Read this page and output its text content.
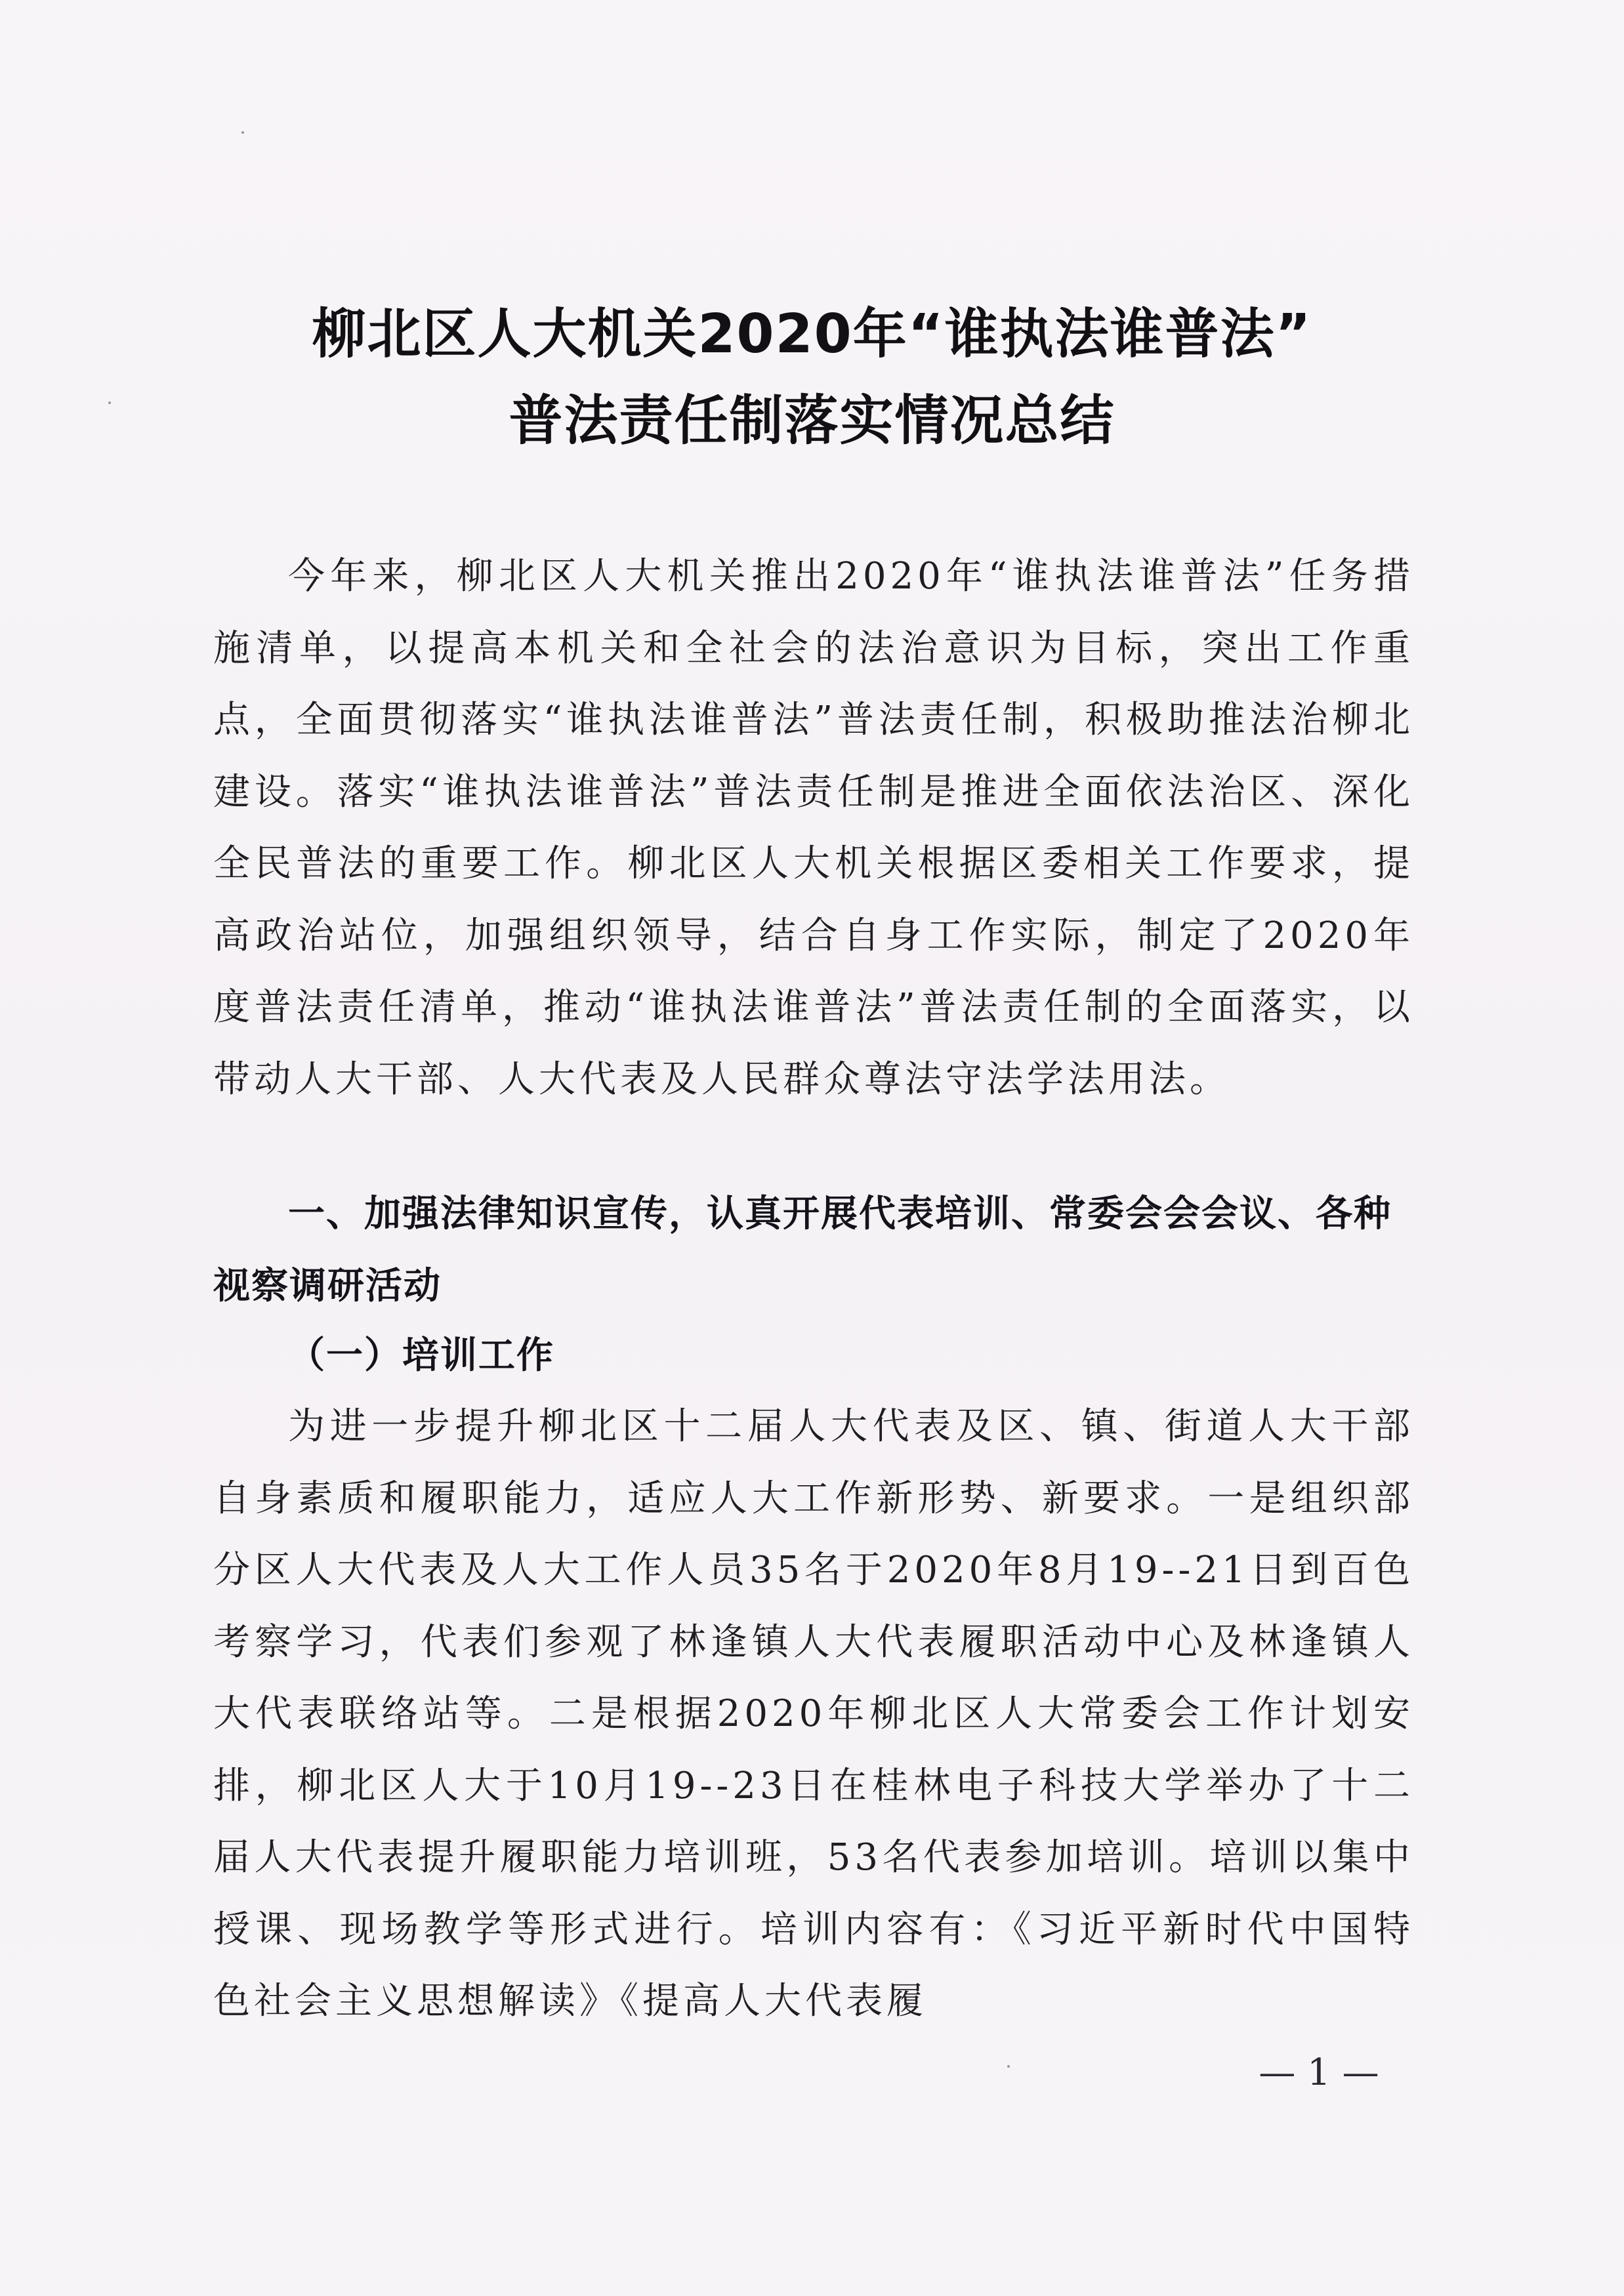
柳北区人大机关2020年“谁执法谁普法”
普法责任制落实情况总结

今年来，柳北区人大机关推出2020年“谁执法谁普法”任务措施清单，以提高本机关和全社会的法治意识为目标，突出工作重点，全面贯彻落实“谁执法谁普法”普法责任制，积极助推法治柳北建设。落实“谁执法谁普法”普法责任制是推进全面依法治区、深化全民普法的重要工作。柳北区人大机关根据区委相关工作要求，提高政治站位，加强组织领导，结合自身工作实际，制定了2020年度普法责任清单，推动“谁执法谁普法”普法责任制的全面落实，以带动人大干部、人大代表及人民群众尊法守法学法用法。

一、加强法律知识宣传，认真开展代表培训、常委会会会议、各种视察调研活动

（一）培训工作

为进一步提升柳北区十二届人大代表及区、镇、街道人大干部自身素质和履职能力，适应人大工作新形势、新要求。一是组织部分区人大代表及人大工作人员35名于2020年8月19--21日到百色考察学习，代表们参观了林逢镇人大代表履职活动中心及林逢镇人大代表联络站等。二是根据2020年柳北区人大常委会工作计划安排，柳北区人大于10月19--23日在桂林电子科技大学举办了十二届人大代表提升履职能力培训班，53名代表参加培训。培训以集中授课、现场教学等形式进行。培训内容有：《习近平新时代中国特色社会主义思想解读》《提高人大代表履

— 1 —
